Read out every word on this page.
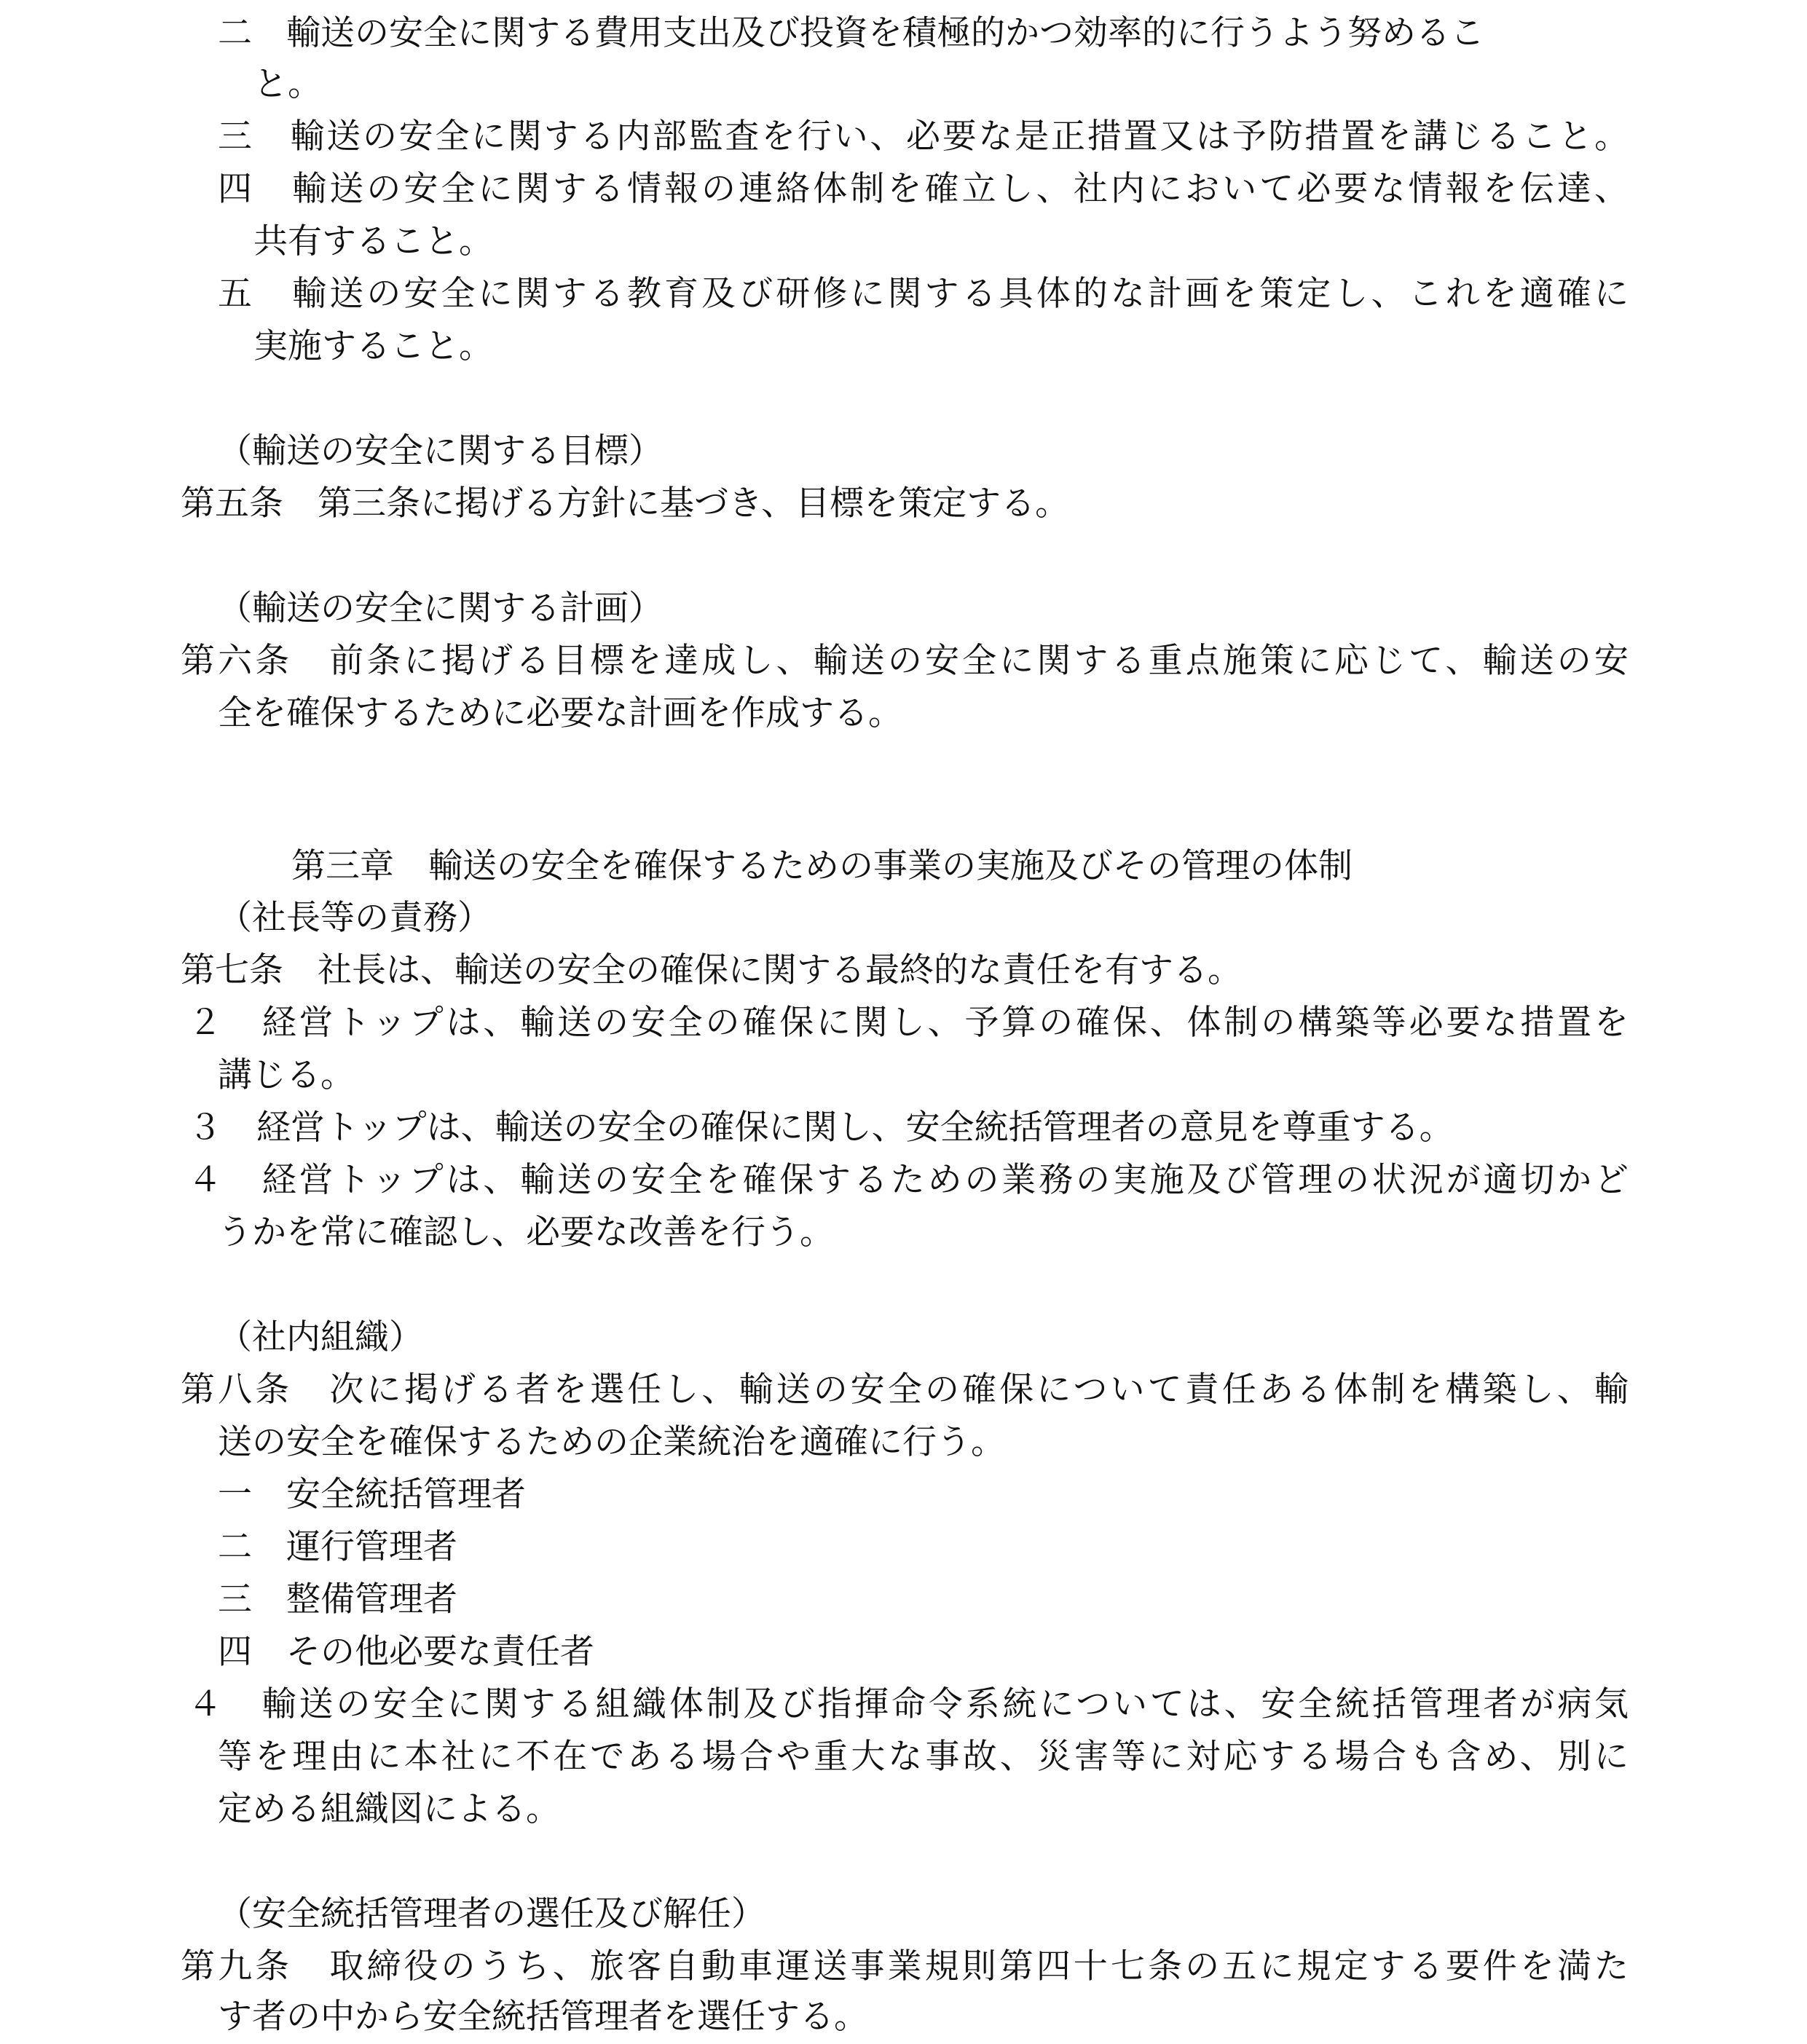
二　輸送の安全に関する費用支出及び投資を積極的かつ効率的に行うよう努めるこ
と。
三　輸送の安全に関する内部監査を行い、必要な是正措置又は予防措置を講じること。
四　輸送の安全に関する情報の連絡体制を確立し、社内において必要な情報を伝達、
共有すること。
五　輸送の安全に関する教育及び研修に関する具体的な計画を策定し、これを適確に
実施すること。
（輸送の安全に関する目標）
第五条　第三条に掲げる方針に基づき、目標を策定する。
（輸送の安全に関する計画）
第六条　前条に掲げる目標を達成し、輸送の安全に関する重点施策に応じて、輸送の安
全を確保するために必要な計画を作成する。
第三章　輸送の安全を確保するための事業の実施及びその管理の体制
（社長等の責務）
第七条　社長は、輸送の安全の確保に関する最終的な責任を有する。
２　経営トップは、輸送の安全の確保に関し、予算の確保、体制の構築等必要な措置を
講じる。
３　経営トップは、輸送の安全の確保に関し、安全統括管理者の意見を尊重する。
４　経営トップは、輸送の安全を確保するための業務の実施及び管理の状況が適切かど
うかを常に確認し、必要な改善を行う。
（社内組織）
第八条　次に掲げる者を選任し、輸送の安全の確保について責任ある体制を構築し、輸
送の安全を確保するための企業統治を適確に行う。
一　安全統括管理者
二　運行管理者
三　整備管理者
四　その他必要な責任者
４　輸送の安全に関する組織体制及び指揮命令系統については、安全統括管理者が病気
等を理由に本社に不在である場合や重大な事故、災害等に対応する場合も含め、別に
定める組織図による。
（安全統括管理者の選任及び解任）
第九条　取締役のうち、旅客自動車運送事業規則第四十七条の五に規定する要件を満た
す者の中から安全統括管理者を選任する。
